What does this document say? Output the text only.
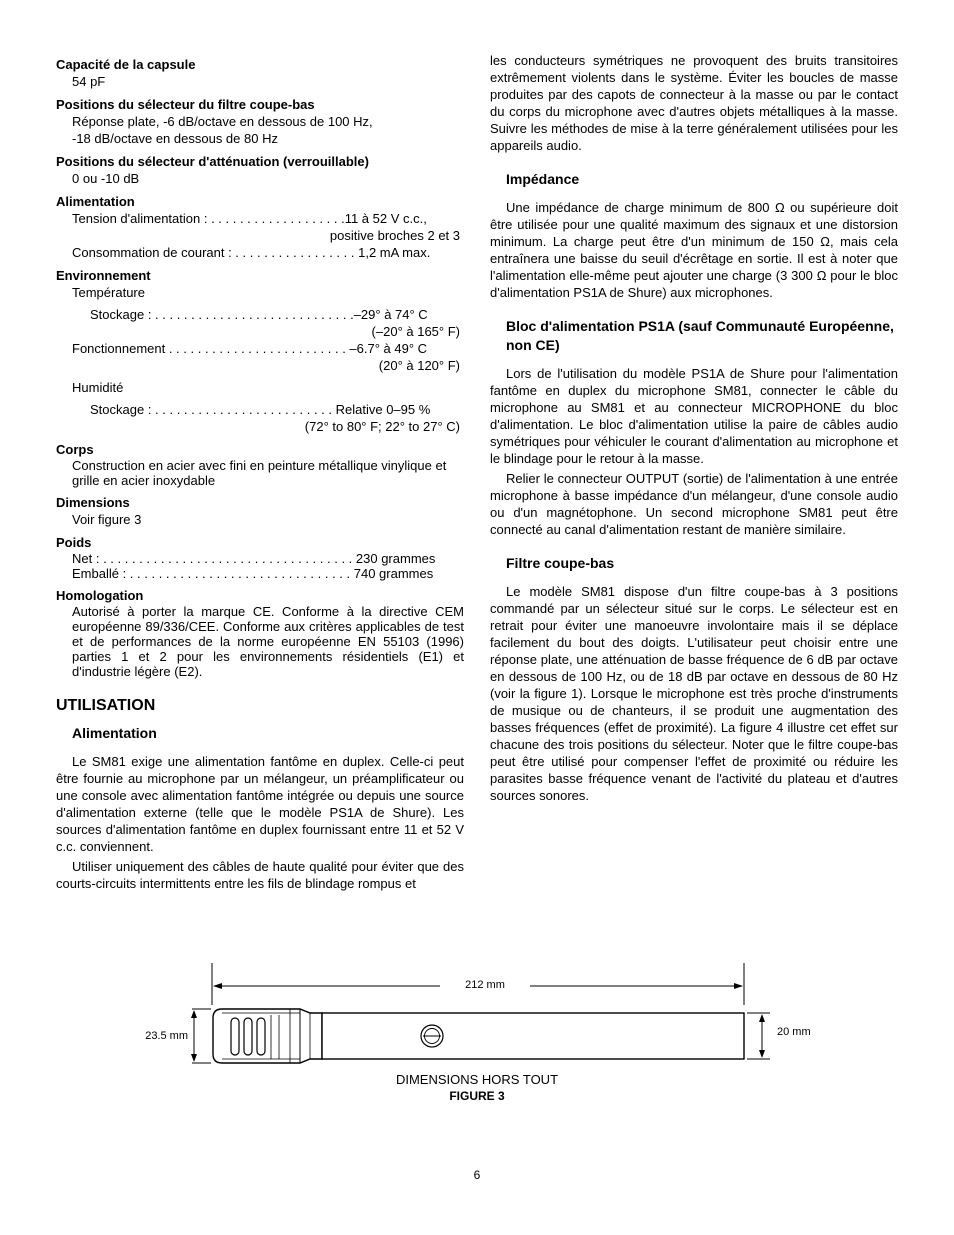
Capacité de la capsule
54 pF
Positions du sélecteur du filtre coupe-bas
Réponse plate, -6 dB/octave en dessous de 100 Hz,
-18 dB/octave en dessous de 80 Hz
Positions du sélecteur d'atténuation (verrouillable)
0 ou -10 dB
Alimentation
Tension d'alimentation : . . . . . . . . . . . . . . . . . . .11 à 52 V c.c.,
positive broches 2 et 3
Consommation de courant : . . . . . . . . . . . . . . . . . 1,2 mA max.
Environnement
Température
Stockage : . . . . . . . . . . . . . . . . . . . . . . . . . . . .–29° à 74° C
(–20° à 165° F)
Fonctionnement . . . . . . . . . . . . . . . . . . . . . . . . . –6.7° à 49° C
(20° à 120° F)
Humidité
Stockage : . . . . . . . . . . . . . . . . . . . . . . . . . Relative 0–95 %
(72° to 80° F; 22° to 27° C)
Corps
Construction en acier avec fini en peinture métallique vinylique et grille en acier inoxydable
Dimensions
Voir figure 3
Poids
Net : . . . . . . . . . . . . . . . . . . . . . . . . . . . . . . . . . . . 230 grammes
Emballé : . . . . . . . . . . . . . . . . . . . . . . . . . . . . . . . 740 grammes
Homologation
Autorisé à porter la marque CE. Conforme à la directive CEM européenne 89/336/CEE. Conforme aux critères applicables de test et de performances de la norme européenne EN 55103 (1996) parties 1 et 2 pour les environnements résidentiels (E1) et d'industrie légère (E2).
UTILISATION
Alimentation
Le SM81 exige une alimentation fantôme en duplex. Celle-ci peut être fournie au microphone par un mélangeur, un préamplificateur ou une console avec alimentation fantôme intégrée ou depuis une source d'alimentation externe (telle que le modèle PS1A de Shure). Les sources d'alimentation fantôme en duplex fournissant entre 11 et 52 V c.c. conviennent.
Utiliser uniquement des câbles de haute qualité pour éviter que des courts-circuits intermittents entre les fils de blindage rompus et
les conducteurs symétriques ne provoquent des bruits transitoires extrêmement violents dans le système. Éviter les boucles de masse produites par des capots de connecteur à la masse ou par le contact du corps du microphone avec d'autres objets métalliques à la masse. Suivre les méthodes de mise à la terre généralement utilisées pour les appareils audio.
Impédance
Une impédance de charge minimum de 800 Ω ou supérieure doit être utilisée pour une qualité maximum des signaux et une distorsion minimum. La charge peut être d'un minimum de 150 Ω, mais cela entraînera une baisse du seuil d'écrêtage en sortie. Il est à noter que l'alimentation elle-même peut ajouter une charge (3 300 Ω pour le bloc d'alimentation PS1A de Shure) aux microphones.
Bloc d'alimentation PS1A (sauf Communauté Européenne, non CE)
Lors de l'utilisation du modèle PS1A de Shure pour l'alimentation fantôme en duplex du microphone SM81, connecter le câble du microphone au SM81 et au connecteur MICROPHONE du bloc d'alimentation. Le bloc d'alimentation utilise la paire de câbles audio symétriques pour véhiculer le courant d'alimentation au microphone et le blindage pour le retour à la masse.
Relier le connecteur OUTPUT (sortie) de l'alimentation à une entrée microphone à basse impédance d'un mélangeur, d'une console audio ou d'un magnétophone. Un second microphone SM81 peut être connecté au canal d'alimentation restant de manière similaire.
Filtre coupe-bas
Le modèle SM81 dispose d'un filtre coupe-bas à 3 positions commandé par un sélecteur situé sur le corps. Le sélecteur est en retrait pour éviter une manoeuvre involontaire mais il se déplace facilement du bout des doigts. L'utilisateur peut choisir entre une réponse plate, une atténuation de basse fréquence de 6 dB par octave en dessous de 100 Hz, ou de 18 dB par octave en dessous de 80 Hz (voir la figure 1). Lorsque le microphone est très proche d'instruments de musique ou de chanteurs, il se produit une augmentation des basses fréquences (effet de proximité). La figure 4 illustre cet effet sur chacune des trois positions du sélecteur. Noter que le filtre coupe-bas peut être utilisé pour compenser l'effet de proximité ou réduire les parasites basse fréquence venant de l'activité du plateau et d'autres sources sonores.
212 mm
23.5 mm	20 mm
DIMENSIONS HORS TOUT
FIGURE 3
6
